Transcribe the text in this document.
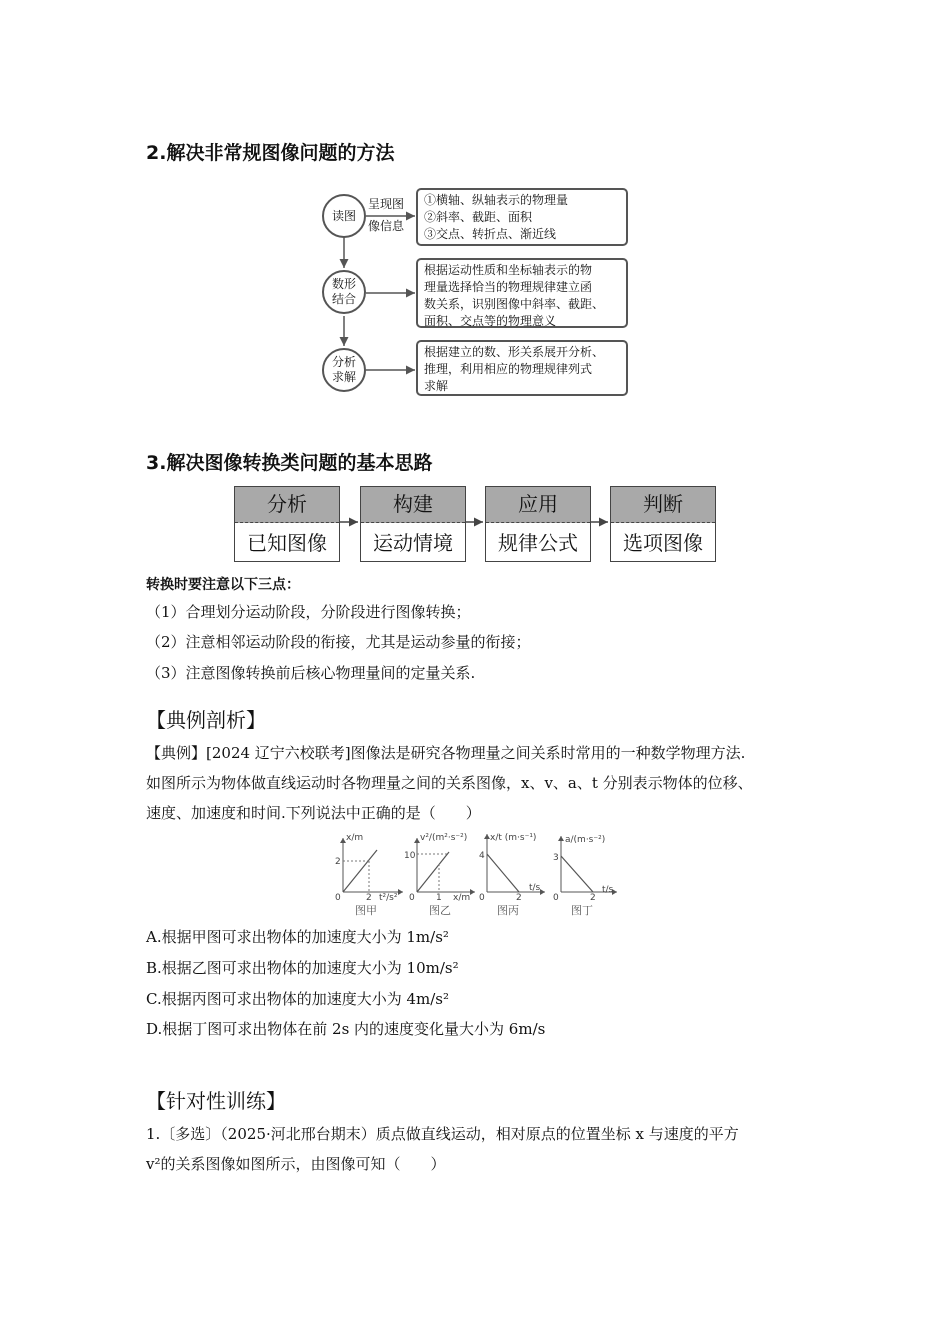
2.解决非常规图像问题的方法
读图
数形结合
分析求解
呈现图
像信息
①横轴、纵轴表示的物理量
②斜率、截距、面积
③交点、转折点、渐近线
根据运动性质和坐标轴表示的物
理量选择恰当的物理规律建立函
数关系，识别图像中斜率、截距、
面积、交点等的物理意义
根据建立的数、形关系展开分析、
推理，利用相应的物理规律列式
求解
3.解决图像转换类问题的基本思路
分析
已知图像
构建
运动情境
应用
规律公式
判断
选项图像
转换时要注意以下三点：
（1）合理划分运动阶段，分阶段进行图像转换；
（2）注意相邻运动阶段的衔接，尤其是运动参量的衔接；
（3）注意图像转换前后核心物理量间的定量关系.
【典例剖析】
【典例】[2024 辽宁六校联考]图像法是研究各物理量之间关系时常用的一种数学物理方法.
如图所示为物体做直线运动时各物理量之间的关系图像，x、v、a、t 分别表示物体的位移、
速度、加速度和时间.下列说法中正确的是（　　）
x/m
t²/s²
2
2
0
图甲
v²/(m²·s⁻²)
x/m
10
1
0
图乙
x/t (m·s⁻¹)
t/s
4
2
0
图丙
a/(m·s⁻²)
t/s
3
2
0
图丁
A.根据甲图可求出物体的加速度大小为 1m/s²
B.根据乙图可求出物体的加速度大小为 10m/s²
C.根据丙图可求出物体的加速度大小为 4m/s²
D.根据丁图可求出物体在前 2s 内的速度变化量大小为 6m/s
【针对性训练】
1.〔多选〕（2025·河北邢台期末）质点做直线运动，相对原点的位置坐标 x 与速度的平方
v²的关系图像如图所示，由图像可知（　　）
